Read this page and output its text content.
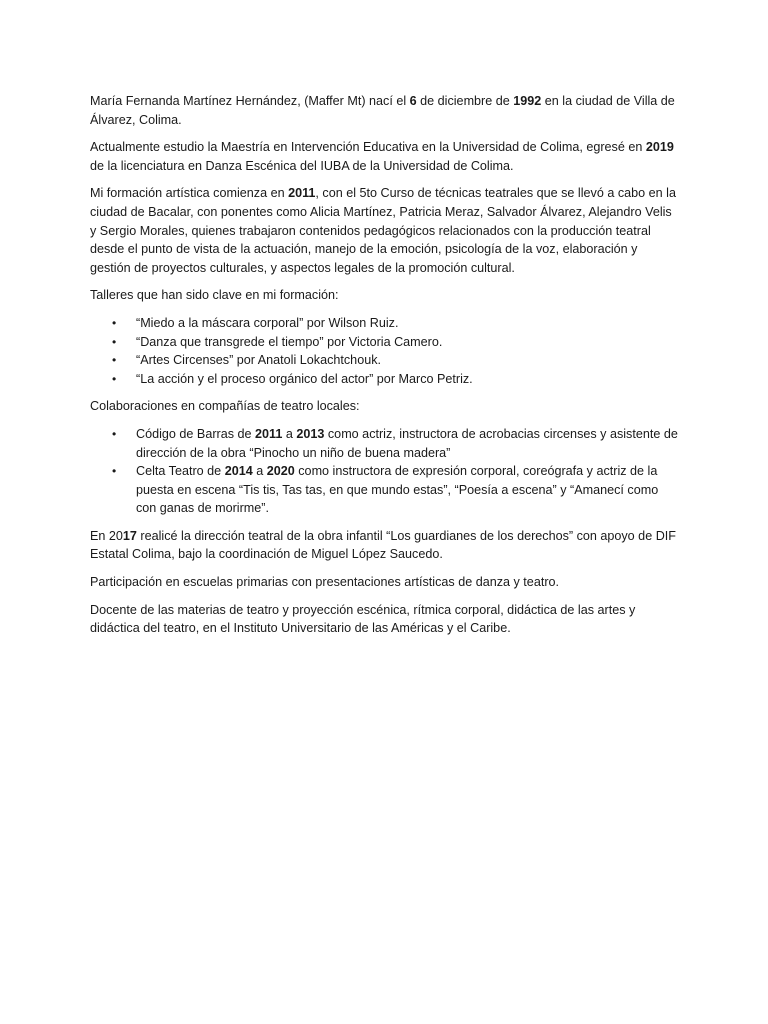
María Fernanda Martínez Hernández, (Maffer Mt) nací el 6 de diciembre de 1992 en la ciudad de Villa de Álvarez, Colima.

Actualmente estudio la Maestría en Intervención Educativa en la Universidad de Colima, egresé en 2019 de la licenciatura en Danza Escénica del IUBA de la Universidad de Colima.

Mi formación artística comienza en 2011, con el 5to Curso de técnicas teatrales que se llevó a cabo en la ciudad de Bacalar, con ponentes como Alicia Martínez, Patricia Meraz, Salvador Álvarez, Alejandro Velis y Sergio Morales, quienes trabajaron contenidos pedagógicos relacionados con la producción teatral desde el punto de vista de la actuación, manejo de la emoción, psicología de la voz, elaboración y gestión de proyectos culturales, y aspectos legales de la promoción cultural.

Talleres que han sido clave en mi formación:

• “Miedo a la máscara corporal” por Wilson Ruiz.
• “Danza que transgrede el tiempo” por Victoria Camero.
• “Artes Circenses” por Anatoli Lokachtchouk.
• “La acción y el proceso orgánico del actor” por Marco Petriz.

Colaboraciones en compañías de teatro locales:

• Código de Barras de 2011 a 2013 como actriz, instructora de acrobacias circenses y asistente de dirección de la obra “Pinocho un niño de buena madera”
• Celta Teatro de 2014 a 2020 como instructora de expresión corporal, coreógrafa y actriz de la puesta en escena “Tis tis, Tas tas, en que mundo estas”, “Poesía a escena” y “Amanecí como con ganas de morirme”.

En 2017 realicé la dirección teatral de la obra infantil “Los guardianes de los derechos” con apoyo de DIF Estatal Colima, bajo la coordinación de Miguel López Saucedo.

Participación en escuelas primarias con presentaciones artísticas de danza y teatro.

Docente de las materias de teatro y proyección escénica, rítmica corporal, didáctica de las artes y didáctica del teatro, en el Instituto Universitario de las Américas y el Caribe.
